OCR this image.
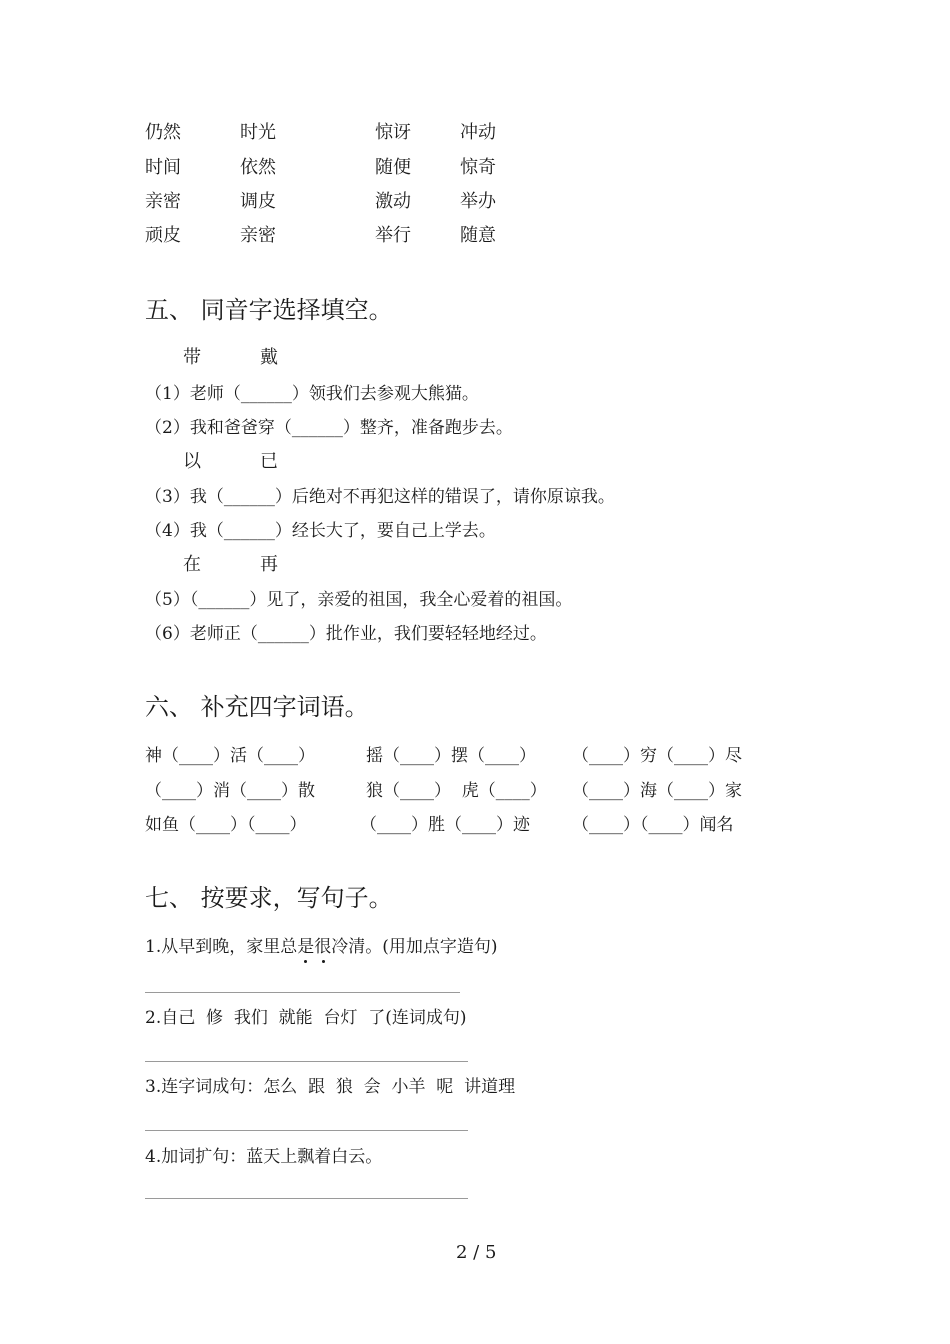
仍然	时光	惊讶	冲动
时间	依然	随便	惊奇
亲密	调皮	激动	举办
顽皮	亲密	举行	随意
五、 同音字选择填空。
带	戴
（1）老师（______）领我们去参观大熊猫。
（2）我和爸爸穿（______）整齐，准备跑步去。
以	已
（3）我（______）后绝对不再犯这样的错误了，请你原谅我。
（4）我（______）经长大了，要自己上学去。
在	再
（5）（______）见了，亲爱的祖国，我全心爱着的祖国。
（6）老师正（______）批作业，我们要轻轻地经过。
六、 补充四字词语。
神（____）活（____）	摇（____）摆（____） （____）穷（____）尽
（____）消（____）散	狼（____）  虎（____） （____）海（____）家
如鱼（____）（____）	（____）胜（____）迹 （____）（____）闻名
七、 按要求，写句子。
1.从早到晚，家里总是很冷清。(用加点字造句)
2.自己  修  我们  就能  台灯  了(连词成句)
3.连字词成句：怎么  跟  狼  会  小羊  呢  讲道理
4.加词扩句：蓝天上飘着白云。
2 / 5
